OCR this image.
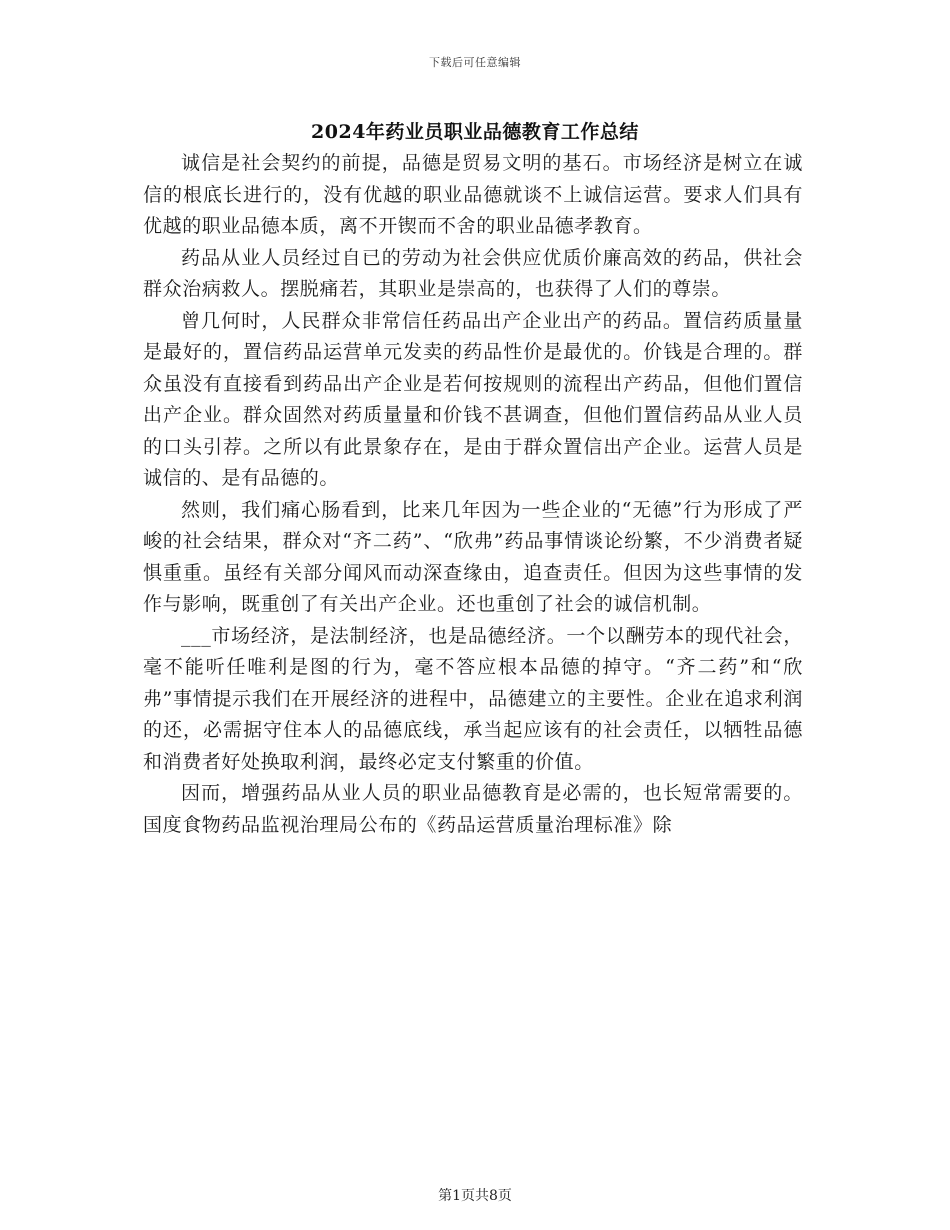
下载后可任意编辑
2024年药业员职业品德教育工作总结

诚信是社会契约的前提，品德是贸易文明的基石。市场经济是树立在诚信的根底长进行的，没有优越的职业品德就谈不上诚信运营。要求人们具有优越的职业品德本质，离不开锲而不舍的职业品德孝教育。

药品从业人员经过自已的劳动为社会供应优质价廉高效的药品，供社会群众治病救人。摆脱痛若，其职业是崇高的，也获得了人们的尊崇。

曾几何时，人民群众非常信任药品出产企业出产的药品。置信药质量量是最好的，置信药品运营单元发卖的药品性价是最优的。价钱是合理的。群众虽没有直接看到药品出产企业是若何按规则的流程出产药品，但他们置信出产企业。群众固然对药质量量和价钱不甚调查，但他们置信药品从业人员的口头引荐。之所以有此景象存在，是由于群众置信出产企业。运营人员是诚信的、是有品德的。

然则，我们痛心肠看到，比来几年因为一些企业的“无德”行为形成了严峻的社会结果，群众对“齐二药”、“欣弗”药品事情谈论纷繁，不少消费者疑惧重重。虽经有关部分闻风而动深查缘由，追查责任。但因为这些事情的发作与影响，既重创了有关出产企业。还也重创了社会的诚信机制。

___市场经济，是法制经济，也是品德经济。一个以酬劳本的现代社会，毫不能听任唯利是图的行为，毫不答应根本品德的掉守。“齐二药”和“欣弗”事情提示我们在开展经济的进程中，品德建立的主要性。企业在追求利润的还，必需据守住本人的品德底线，承当起应该有的社会责任，以牺牲品德和消费者好处换取利润，最终必定支付繁重的价值。

因而，增强药品从业人员的职业品德教育是必需的，也长短常需要的。国度食物药品监视治理局公布的《药品运营质量治理标准》除

第1页共8页
